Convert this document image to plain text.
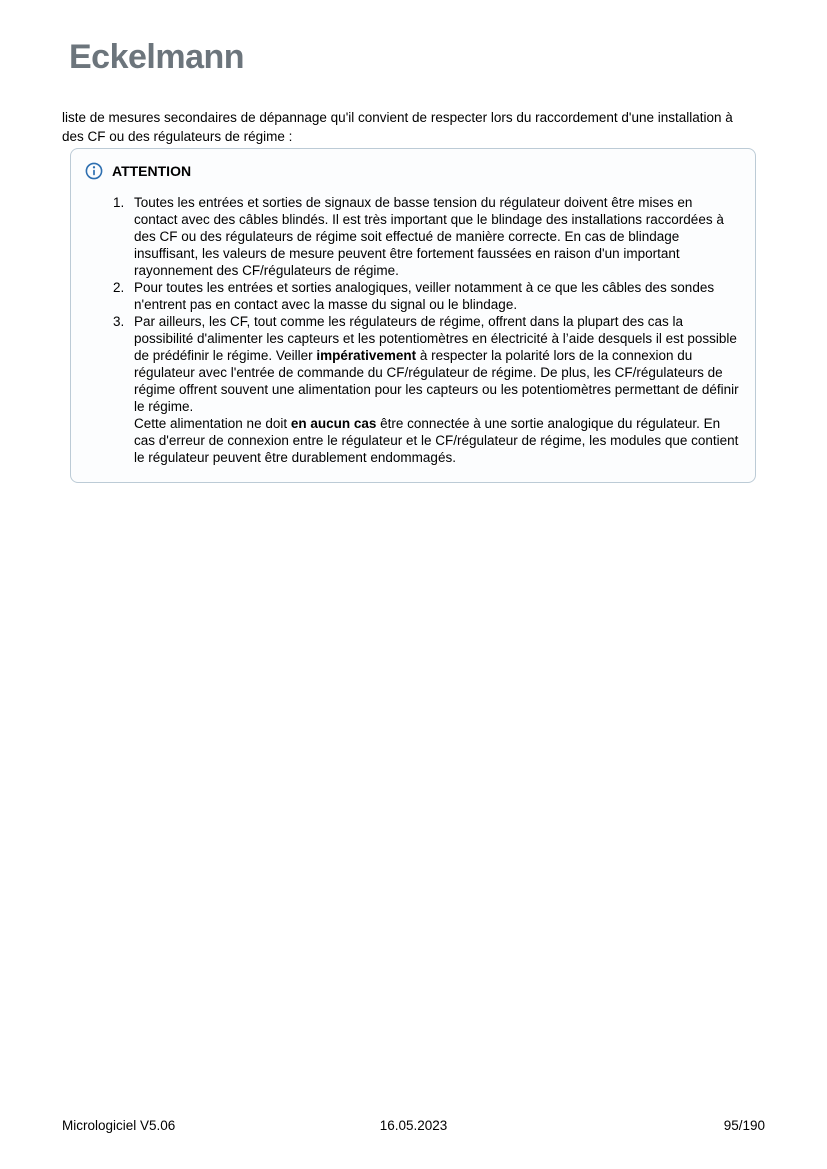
Eckelmann

liste de mesures secondaires de dépannage qu'il convient de respecter lors du raccordement d'une installation à des CF ou des régulateurs de régime :

ATTENTION
Toutes les entrées et sorties de signaux de basse tension du régulateur doivent être mises en contact avec des câbles blindés. Il est très important que le blindage des installations raccordées à des CF ou des régulateurs de régime soit effectué de manière correcte. En cas de blindage insuffisant, les valeurs de mesure peuvent être fortement faussées en raison d'un important rayonnement des CF/régulateurs de régime.
Pour toutes les entrées et sorties analogiques, veiller notamment à ce que les câbles des sondes n'entrent pas en contact avec la masse du signal ou le blindage.
Par ailleurs, les CF, tout comme les régulateurs de régime, offrent dans la plupart des cas la possibilité d'alimenter les capteurs et les potentiomètres en électricité à l’aide desquels il est possible de prédéfinir le régime. Veiller impérativement à respecter la polarité lors de la connexion du régulateur avec l'entrée de commande du CF/régulateur de régime. De plus, les CF/régulateurs de régime offrent souvent une alimentation pour les capteurs ou les potentiomètres permettant de définir le régime.
Cette alimentation ne doit en aucun cas être connectée à une sortie analogique du régulateur. En cas d'erreur de connexion entre le régulateur et le CF/régulateur de régime, les modules que contient le régulateur peuvent être durablement endommagés.
Micrologiciel V5.06	16.05.2023	95/190
